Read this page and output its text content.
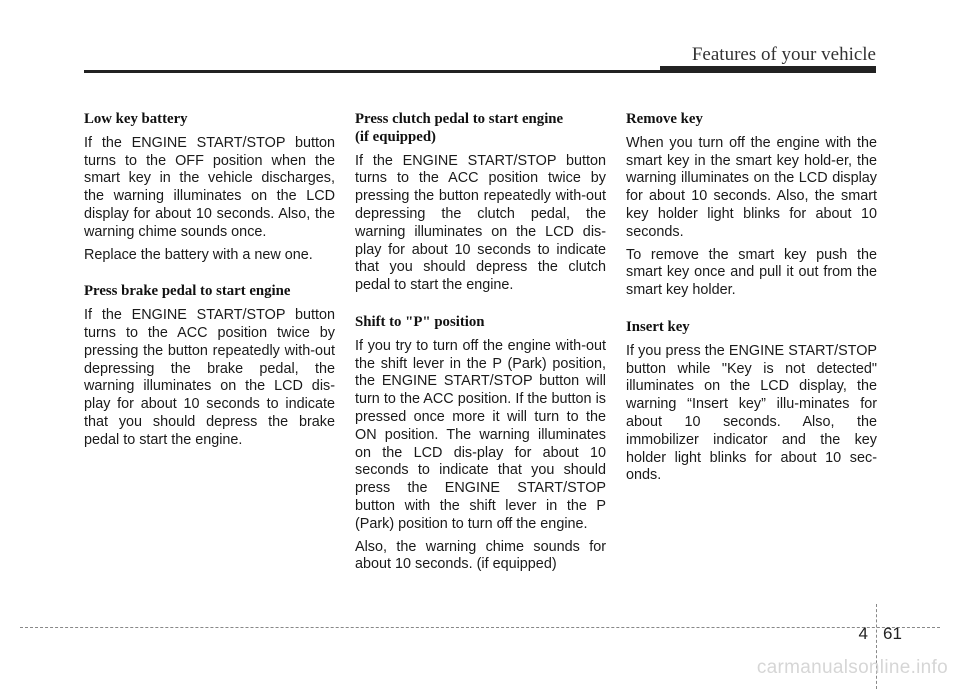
Features of your vehicle
Low key battery

If the ENGINE START/STOP button turns to the OFF position when the smart key in the vehicle discharges, the warning illuminates on the LCD display for about 10 seconds. Also, the warning chime sounds once.

Replace the battery with a new one.

Press brake pedal to start engine

If the ENGINE START/STOP button turns to the ACC position twice by pressing the button repeatedly with-out depressing the brake pedal, the warning illuminates on the LCD dis-play for about 10 seconds to indicate that you should depress the brake pedal to start the engine.

Press clutch pedal to start engine
(if equipped)

If the ENGINE START/STOP button turns to the ACC position twice by pressing the button repeatedly with-out depressing the clutch pedal, the warning illuminates on the LCD dis-play for about 10 seconds to indicate that you should depress the clutch pedal to start the engine.

Shift to "P" position

If you try to turn off the engine with-out the shift lever in the P (Park) position, the ENGINE START/STOP button will turn to the ACC position. If the button is pressed once more it will turn to the ON position. The warning illuminates on the LCD dis-play for about 10 seconds to indicate that you should press the ENGINE START/STOP button with the shift lever in the P (Park) position to turn off the engine.

Also, the warning chime sounds for about 10 seconds. (if equipped)

Remove key

When you turn off the engine with the smart key in the smart key hold-er, the warning illuminates on the LCD display for about 10 seconds. Also, the smart key holder light blinks for about 10 seconds.

To remove the smart key push the smart key once and pull it out from the smart key holder.

Insert key

If you press the ENGINE START/STOP button while "Key is not detected" illuminates on the LCD display, the warning “Insert key” illu-minates for about 10 seconds. Also, the immobilizer indicator and the key holder light blinks for about 10 sec-onds.

4 61
carmanualsonline.info
